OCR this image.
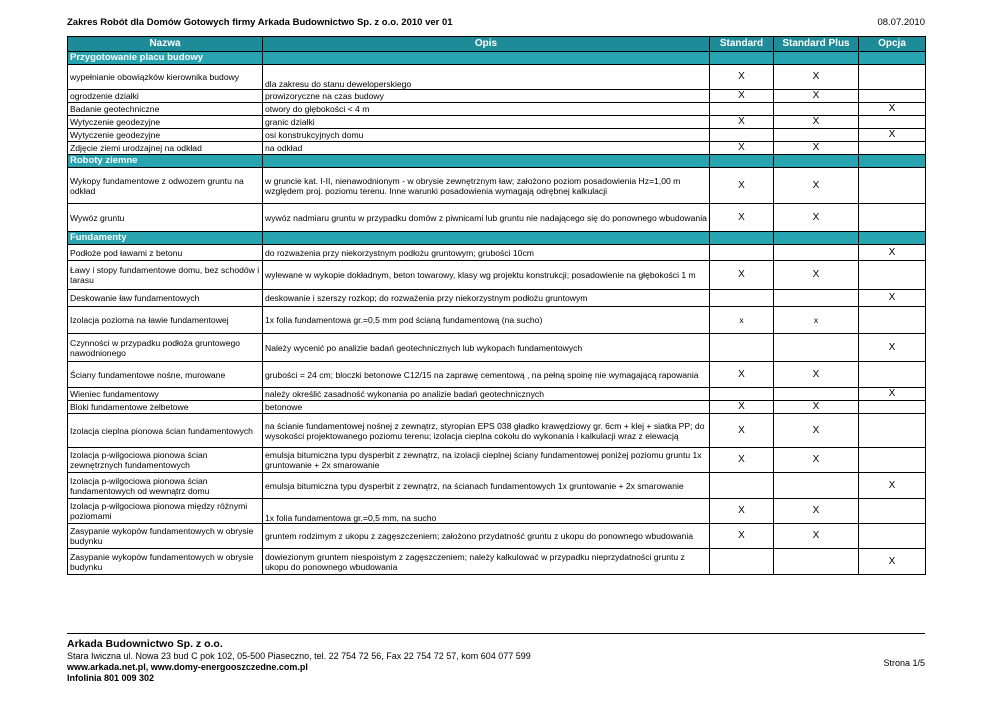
Zakres Robót dla Domów Gotowych firmy Arkada Budownictwo Sp. z o.o. 2010 ver 01	08.07.2010
Nazwa	Opis	Standard	Standard Plus	Opcja
Przygotowanie placu budowy				
wypełnianie obowiązków kierownika budowy	dla zakresu do stanu deweloperskiego	X	X	
ogrodzenie działki	prowizoryczne na czas budowy	X	X	
Badanie geotechniczne	otwory do głębokości < 4 m			X
Wytyczenie geodezyjne	granic działki	X	X	
Wytyczenie geodezyjne	osi konstrukcyjnych domu			X
Zdjęcie ziemi urodzajnej na odkład	na odkład	X	X	
Roboty ziemne				
Wykopy fundamentowe z odwozem gruntu na odkład	w gruncie kat. I-II, nienawodnionym - w obrysie zewnętrznym ław; założono poziom posadowienia Hz=1,00 m względem proj. poziomu terenu. Inne warunki posadowienia wymagają odrębnej kalkulacji	X	X	
Wywóz gruntu	wywóz nadmiaru gruntu w przypadku domów z piwnicami lub gruntu nie nadającego się do ponownego wbudowania	X	X	
Fundamenty				
Podłoże pod ławami z betonu	do rozważenia przy niekorzystnym podłożu gruntowym; grubości 10cm			X
Ławy i stopy fundamentowe domu, bez schodów i tarasu	wylewane w wykopie dokładnym, beton towarowy, klasy wg projektu konstrukcji; posadowienie na głębokości 1 m	X	X	
Deskowanie ław fundamentowych	deskowanie i szerszy rozkop; do rozważenia przy niekorzystnym podłożu gruntowym			X
Izolacja pozioma na ławie fundamentowej	1x folia fundamentowa gr.=0,5 mm pod ścianą fundamentową (na sucho)	x	x	
Czynności w przypadku podłoża gruntowego nawodnionego	Należy wycenić po analizie badań geotechnicznych lub wykopach fundamentowych			X
Ściany fundamentowe nośne, murowane	grubości = 24 cm; bloczki betonowe C12/15 na zaprawę cementową , na pełną spoinę nie wymagającą rapowania	X	X	
Wieniec fundamentowy	należy określić zasadność wykonania po analizie badań geotechnicznych			X
Bloki fundamentowe żelbetowe	betonowe	X	X	
Izolacja cieplna pionowa ścian fundamentowych	na ścianie fundamentowej nośnej z zewnątrz, styropian EPS 038 gładko krawędziowy gr. 6cm + klej + siatka PP; do wysokości projektowanego poziomu terenu; izolacja cieplna cokołu do wykonania i kalkulacji wraz z elewacją	X	X	
Izolacja p-wilgociowa pionowa ścian zewnętrznych fundamentowych	emulsja bitumiczna typu dysperbit z zewnątrz, na izolacji cieplnej ściany fundamentowej poniżej poziomu gruntu 1x gruntowanie + 2x smarowanie	X	X	
Izolacja p-wilgociowa pionowa ścian fundamentowych od wewnątrz domu	emulsja bitumiczna typu dysperbit z zewnątrz, na ścianach fundamentowych 1x gruntowanie + 2x smarowanie			X
Izolacja p-wilgociowa pionowa między różnymi poziomami	1x folia fundamentowa gr.=0,5 mm, na sucho	X	X	
Zasypanie wykopów fundamentowych w obrysie budynku	gruntem rodzimym z ukopu z zagęszczeniem; założono przydatność gruntu z ukopu do ponownego wbudowania	X	X	
Zasypanie wykopów fundamentowych w obrysie budynku	dowiezionym gruntem niespoistym z zagęszczeniem; należy kalkulować w przypadku nieprzydatności gruntu z ukopu do ponownego wbudowania			X
Arkada Budownictwo Sp. z o.o.
Stara Iwiczna ul. Nowa 23 bud C pok 102, 05-500 Piaseczno, tel. 22 754 72 56, Fax 22 754 72 57, kom 604 077 599
www.arkada.net.pl, www.domy-energooszczedne.com.pl
Infolinia 801 009 302
Strona 1/5
